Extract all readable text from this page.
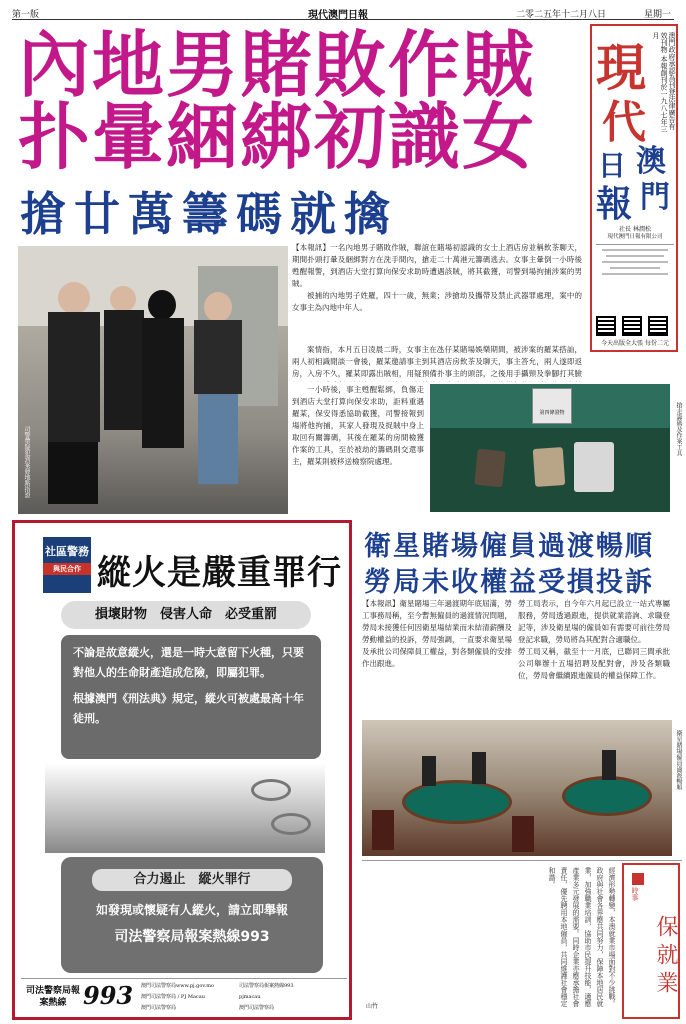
第一版	現代澳門日報	二零二五年十二月八日	星期一
內地男賭敗作賊
扑暈綑綁初識女
搶廿萬籌碼就擒
現
代
日 澳
報 門
澳門政府承認為刊登法律廣告有效刊物 本報創刊於一九八七年三月
社長 林潤松
現代澳門日報有限公司
今天出版全大張 每份二元
司警帶疑犯到案發地點指證

【本報訊】一名內地男子賭敗作賊，聯誼在賭場初認識的女士上酒店房並稱飲茶聊天，期間扑頭打暈及綑綁對方在洗手間內，搶走二十萬港元籌碼逃去。女事主暈倒一小時後甦醒報警，到酒店大堂打算向保安求助時遭遇該賊，將其截獲，司警到場拘捕涉案的男賊。

被捕的內地男子姓羅，四十一歲，無業；涉搶劫及攜帶及禁止武器罪處理，案中的女事主為內地中年人。

案情指，本月五日凌晨二時，女事主在氹仔某賭場娛樂期間，被涉案的羅某搭訕，兩人初相識閒談一會後，羅某邀請事主到其酒店房飲茶及聊天，事主答允，兩人遂即返房，入房不久，羅某即露出賊相，用疑預備扑事主的頭部，之後用手攝頸及拳腳打其臉
一小時後，事主甦醒鬆綁，負傷走到酒店大堂打算向保安求助，詎料重遇羅某，保安得悉協助截獲，司警接報到場將他拘捕，其家人發現及捉賊中身上取回有關籌碼，其後在羅某的房間檢獲作案的工具，至於被劫的籌碼則交還事主，羅某則被移送檢察院處理。
第四條證物	搶走籌碼及作案工具
社區警務
與民合作 縱火是嚴重罪行
損壞財物　侵害人命　必受重罰

不論是故意縱火，還是一時大意留下火種，只要對他人的生命財產造成危險，即屬犯罪。

根據澳門《刑法典》規定，縱火可被處最高十年徒刑。

合力遏止　縱火罪行
如發現或懷疑有人縱火，請立即舉報
司法警察局報案熱線993
司法警察局報案熱線 993 澳門司法警察局www.pj.gov.mo
澳門司法警察局 / PJ Macau
澳門司法警察局
司法警察局報案熱線993
pjmacau
澳門司法警察局
衛星賭場僱員過渡暢順
勞局未收權益受損投訴
【本報訊】衛星賭場三年過渡期年底屆滿，勞工事務局稱，至今暫無僱員的過渡情況問題，勞局未接獲任何因衛星場結業而未結清薪酬及勞動權益的投訴，勞局強調，一直要求衛星場及承批公司保障員工權益，對各類僱員的安排作出跟進。

勞工局表示，自今年六月起已設立一站式專屬服務，勞局透過跟進，提供就業諮詢、求職登記等，涉及衛星場的僱員如有需要可前往勞局登記求職，勞局將為其配對合適職位。

勞工局又稱，截至十一月底，已聯同三間承批公司舉辦十五場招聘及配對會，涉及各類職位，勞局會繼續跟進僱員的權益保障工作。

衛星賭場僱員過渡暢順
經濟形勢轉變，本澳就業市場面對不少挑戰。政府與社會各界應共同努力，保障本地居民就業，加強職業培訓，協助市民提升技能，適應產業多元發展的需要。同時企業亦應承擔社會責任，優先聘用本地僱員，共同維護社會穩定和諧。
山竹
時事
保就業
